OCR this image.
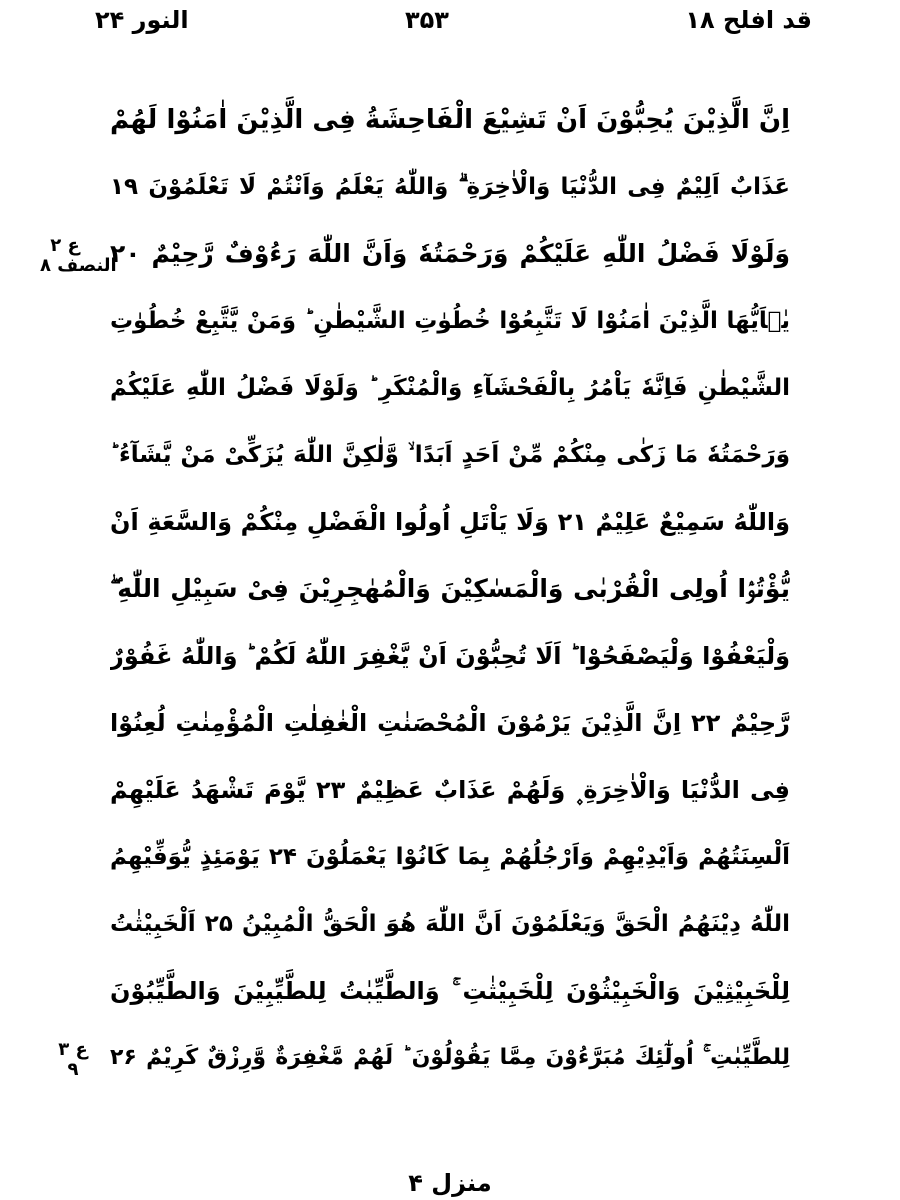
قد افلح ۱۸
۳۵۳
النور ۲۴
ع ۲
النصف ۸
اِنَّ الَّذِيْنَ يُحِبُّوْنَ اَنْ تَشِيْعَ الْفَاحِشَةُ فِى الَّذِيْنَ اٰمَنُوْا لَهُمْ
عَذَابٌ اَلِيْمٌ فِى الدُّنْيَا وَالْاٰخِرَةِ ۗ وَاللّٰهُ يَعْلَمُ وَاَنْتُمْ لَا تَعْلَمُوْنَ ۱۹
وَلَوْلَا فَضْلُ اللّٰهِ عَلَيْكُمْ وَرَحْمَتُهٗ وَاَنَّ اللّٰهَ رَءُوْفٌ رَّحِيْمٌ ۲۰
يٰۤاَيُّهَا الَّذِيْنَ اٰمَنُوْا لَا تَتَّبِعُوْا خُطُوٰتِ الشَّيْطٰنِ ؕ وَمَنْ يَّتَّبِعْ خُطُوٰتِ
الشَّيْطٰنِ فَاِنَّهٗ يَاْمُرُ بِالْفَحْشَآءِ وَالْمُنْكَرِ ؕ وَلَوْلَا فَضْلُ اللّٰهِ عَلَيْكُمْ
وَرَحْمَتُهٗ مَا زَكٰى مِنْكُمْ مِّنْ اَحَدٍ اَبَدًا ۙ وَّلٰكِنَّ اللّٰهَ يُزَكِّىْ مَنْ يَّشَآءُ ؕ
وَاللّٰهُ سَمِيْعٌ عَلِيْمٌ ۲۱ وَلَا يَاْتَلِ اُولُوا الْفَضْلِ مِنْكُمْ وَالسَّعَةِ اَنْ
يُّؤْتُوْۤا اُولِى الْقُرْبٰى وَالْمَسٰكِيْنَ وَالْمُهٰجِرِيْنَ فِىْ سَبِيْلِ اللّٰهِ ۖ
وَلْيَعْفُوْا وَلْيَصْفَحُوْا ؕ اَلَا تُحِبُّوْنَ اَنْ يَّغْفِرَ اللّٰهُ لَكُمْ ؕ وَاللّٰهُ غَفُوْرٌ
رَّحِيْمٌ ۲۲ اِنَّ الَّذِيْنَ يَرْمُوْنَ الْمُحْصَنٰتِ الْغٰفِلٰتِ الْمُؤْمِنٰتِ لُعِنُوْا
فِى الدُّنْيَا وَالْاٰخِرَةِ ۪ وَلَهُمْ عَذَابٌ عَظِيْمٌ ۲۳ يَّوْمَ تَشْهَدُ عَلَيْهِمْ
اَلْسِنَتُهُمْ وَاَيْدِيْهِمْ وَاَرْجُلُهُمْ بِمَا كَانُوْا يَعْمَلُوْنَ ۲۴ يَوْمَئِذٍ يُّوَفِّيْهِمُ
اللّٰهُ دِيْنَهُمُ الْحَقَّ وَيَعْلَمُوْنَ اَنَّ اللّٰهَ هُوَ الْحَقُّ الْمُبِيْنُ ۲۵ اَلْخَبِيْثٰتُ
لِلْخَبِيْثِيْنَ وَالْخَبِيْثُوْنَ لِلْخَبِيْثٰتِ ۚ وَالطَّيِّبٰتُ لِلطَّيِّبِيْنَ وَالطَّيِّبُوْنَ
لِلطَّيِّبٰتِ ۚ اُولٰٓئِكَ مُبَرَّءُوْنَ مِمَّا يَقُوْلُوْنَ ؕ لَهُمْ مَّغْفِرَةٌ وَّرِزْقٌ كَرِيْمٌ ۲۶
ع ۳
۹
منزل ۴
